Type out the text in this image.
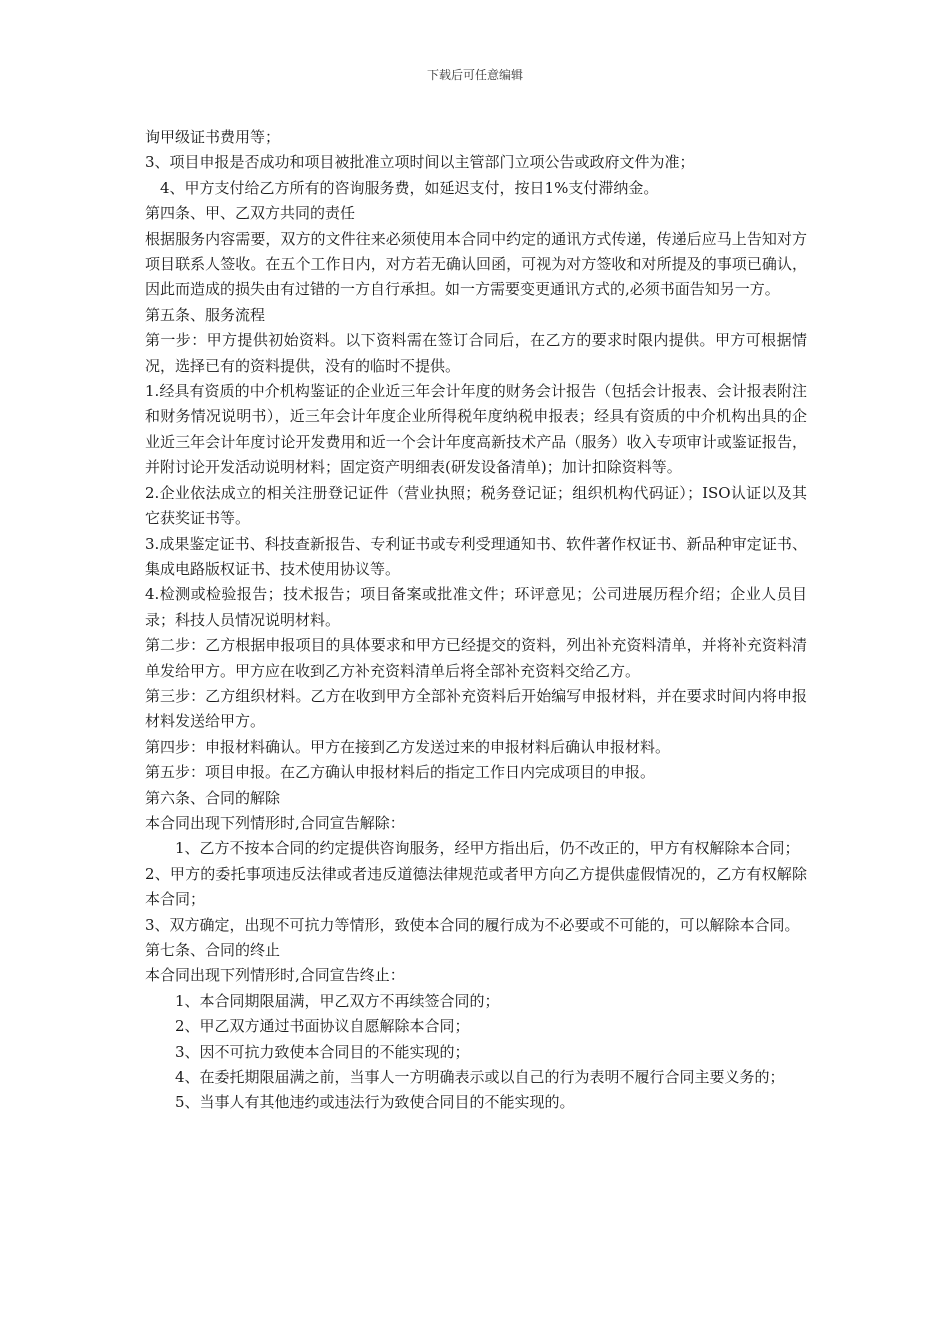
下载后可任意编辑

询甲级证书费用等；

3、项目申报是否成功和项目被批准立项时间以主管部门立项公告或政府文件为准；

4、甲方支付给乙方所有的咨询服务费，如延迟支付，按日1%支付滞纳金。

第四条、甲、乙双方共同的责任

根据服务内容需要，双方的文件往来必须使用本合同中约定的通讯方式传递，传递后应马上告知对方项目联系人签收。在五个工作日内，对方若无确认回函，可视为对方签收和对所提及的事项已确认，因此而造成的损失由有过错的一方自行承担。如一方需要变更通讯方式的,必须书面告知另一方。

第五条、服务流程

第一步：甲方提供初始资料。以下资料需在签订合同后，在乙方的要求时限内提供。甲方可根据情况，选择已有的资料提供，没有的临时不提供。

1.经具有资质的中介机构鉴证的企业近三年会计年度的财务会计报告（包括会计报表、会计报表附注和财务情况说明书），近三年会计年度企业所得税年度纳税申报表；经具有资质的中介机构出具的企业近三年会计年度讨论开发费用和近一个会计年度高新技术产品（服务）收入专项审计或鉴证报告，并附讨论开发活动说明材料；固定资产明细表(研发设备清单)；加计扣除资料等。

2.企业依法成立的相关注册登记证件（营业执照；税务登记证；组织机构代码证）；ISO认证以及其它获奖证书等。

3.成果鉴定证书、科技查新报告、专利证书或专利受理通知书、软件著作权证书、新品种审定证书、集成电路版权证书、技术使用协议等。

4.检测或检验报告；技术报告；项目备案或批准文件；环评意见；公司进展历程介绍；企业人员目录；科技人员情况说明材料。

第二步：乙方根据申报项目的具体要求和甲方已经提交的资料，列出补充资料清单，并将补充资料清单发给甲方。甲方应在收到乙方补充资料清单后将全部补充资料交给乙方。

第三步：乙方组织材料。乙方在收到甲方全部补充资料后开始编写申报材料，并在要求时间内将申报材料发送给甲方。

第四步：申报材料确认。甲方在接到乙方发送过来的申报材料后确认申报材料。

第五步：项目申报。在乙方确认申报材料后的指定工作日内完成项目的申报。

第六条、合同的解除

本合同出现下列情形时,合同宣告解除：

1、乙方不按本合同的约定提供咨询服务，经甲方指出后，仍不改正的，甲方有权解除本合同；

2、甲方的委托事项违反法律或者违反道德法律规范或者甲方向乙方提供虚假情况的，乙方有权解除本合同；

3、双方确定，出现不可抗力等情形，致使本合同的履行成为不必要或不可能的，可以解除本合同。

第七条、合同的终止

本合同出现下列情形时,合同宣告终止：

1、本合同期限届满，甲乙双方不再续签合同的；

2、甲乙双方通过书面协议自愿解除本合同；

3、因不可抗力致使本合同目的不能实现的；

4、在委托期限届满之前，当事人一方明确表示或以自己的行为表明不履行合同主要义务的；

5、当事人有其他违约或违法行为致使合同目的不能实现的。
